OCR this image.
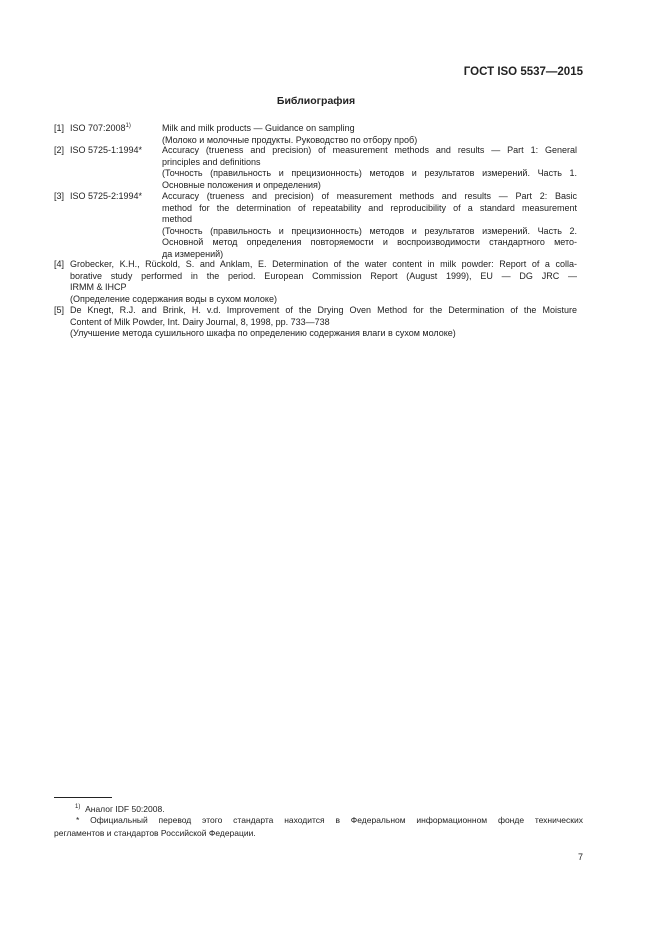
ГОСТ ISO 5537—2015
Библиография
[1] ISO 707:2008$^{1)}$	Milk and milk products — Guidance on sampling
(Молоко и молочные продукты. Руководство по отбору проб)
[2] ISO 5725-1:1994* Accuracy (trueness and precision) of measurement methods and results — Part 1: General
principles and definitions
(Точность (правильность и прецизионность) методов и результатов измерений. Часть 1.
Основные положения и определения)
[3] ISO 5725-2:1994* Accuracy (trueness and precision) of measurement methods and results — Part 2: Basic
method for the determination of repeatability and reproducibility of a standard measurement
method
(Точность (правильность и прецизионность) методов и результатов измерений. Часть 2.
Основной метод определения повторяемости и воспроизводимости стандартного мето-
да измерений)
[4] Grobecker, K.H., Rückold, S. and Anklam, E. Determination of the water content in milk powder: Report of a colla-
borative study performed in the period. European Commission Report (August 1999), EU — DG JRC —
IRMM & IHCP
(Определение содержания воды в сухом молоке)
[5] De Knegt, R.J. and Brink, H. v.d. Improvement of the Drying Oven Method for the Determination of the Moisture
Content of Milk Powder, Int. Dairy Journal, 8, 1998, pp. 733—738
(Улучшение метода сушильного шкафа по определению содержания влаги в сухом молоке)
$^{1)}$ Аналог IDF 50:2008.
* Официальный перевод этого стандарта находится в Федеральном информационном фонде технических
регламентов и стандартов Российской Федерации.
7
